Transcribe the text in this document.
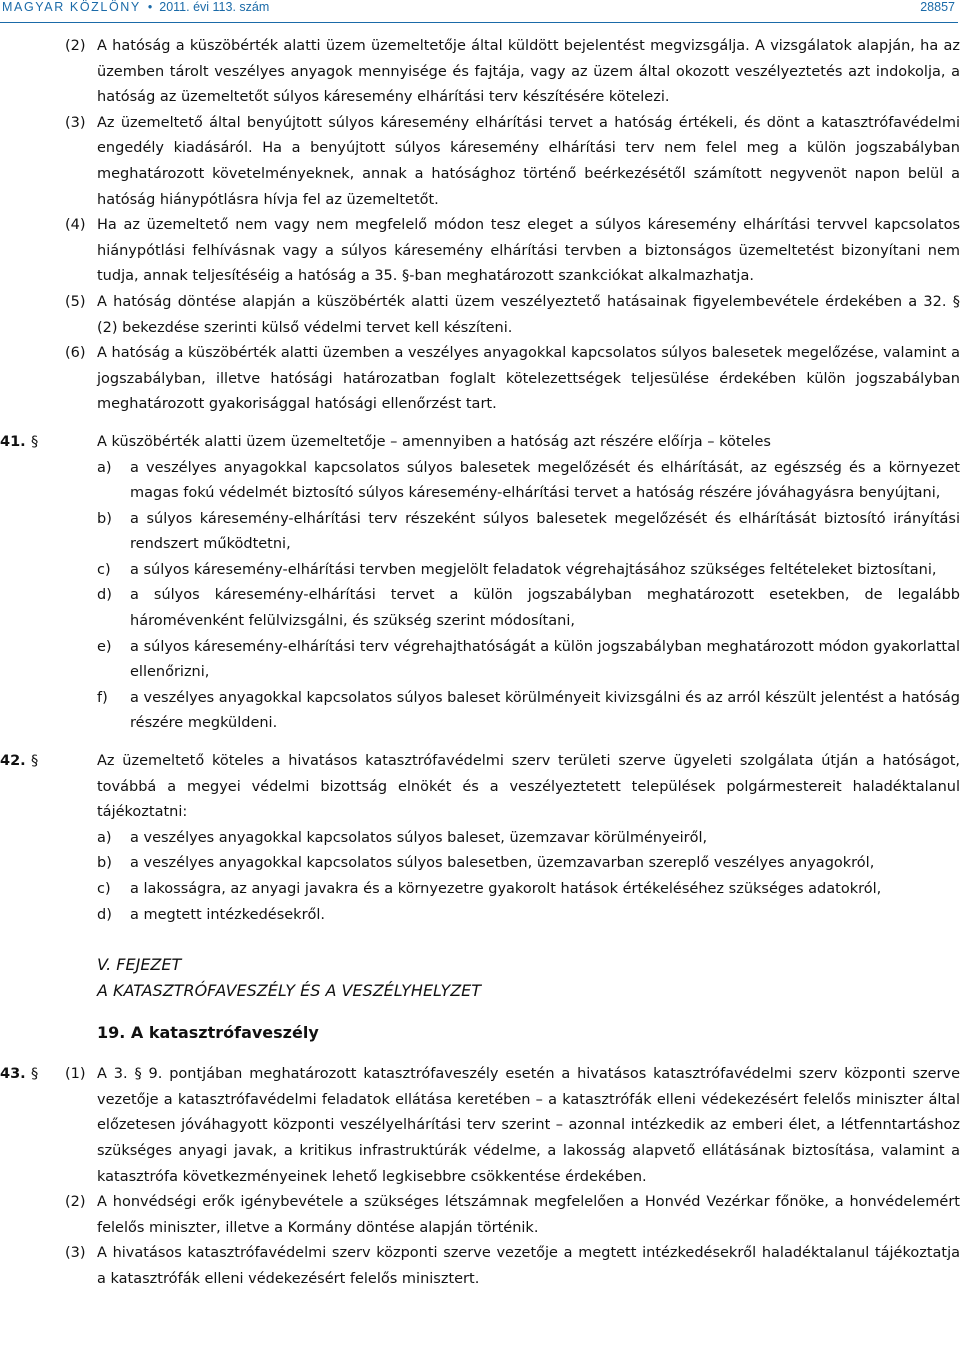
MAGYAR KÖZLÖNY • 2011. évi 113. szám	28857

(2) A hatóság a küszöbérték alatti üzem üzemeltetője által küldött bejelentést megvizsgálja. A vizsgálatok alapján, ha az üzemben tárolt veszélyes anyagok mennyisége és fajtája, vagy az üzem által okozott veszélyeztetés azt indokolja, a hatóság az üzemeltetőt súlyos káresemény elhárítási terv készítésére kötelezi.

(3) Az üzemeltető által benyújtott súlyos káresemény elhárítási tervet a hatóság értékeli, és dönt a katasztrófavédelmi engedély kiadásáról. Ha a benyújtott súlyos káresemény elhárítási terv nem felel meg a külön jogszabályban meghatározott követelményeknek, annak a hatósághoz történő beérkezésétől számított negyvenöt napon belül a hatóság hiánypótlásra hívja fel az üzemeltetőt.

(4) Ha az üzemeltető nem vagy nem megfelelő módon tesz eleget a súlyos káresemény elhárítási tervvel kapcsolatos hiánypótlási felhívásnak vagy a súlyos káresemény elhárítási tervben a biztonságos üzemeltetést bizonyítani nem tudja, annak teljesítéséig a hatóság a 35. §-ban meghatározott szankciókat alkalmazhatja.

(5) A hatóság döntése alapján a küszöbérték alatti üzem veszélyeztető hatásainak figyelembevétele érdekében a 32. § (2) bekezdése szerinti külső védelmi tervet kell készíteni.

(6) A hatóság a küszöbérték alatti üzemben a veszélyes anyagokkal kapcsolatos súlyos balesetek megelőzése, valamint a jogszabályban, illetve hatósági határozatban foglalt kötelezettségek teljesülése érdekében külön jogszabályban meghatározott gyakorisággal hatósági ellenőrzést tart.

41. §	A küszöbérték alatti üzem üzemeltetője – amennyiben a hatóság azt részére előírja – köteles

a) a veszélyes anyagokkal kapcsolatos súlyos balesetek megelőzését és elhárítását, az egészség és a környezet magas fokú védelmét biztosító súlyos káresemény-elhárítási tervet a hatóság részére jóváhagyásra benyújtani,

b) a súlyos káresemény-elhárítási terv részeként súlyos balesetek megelőzését és elhárítását biztosító irányítási rendszert működtetni,

c) a súlyos káresemény-elhárítási tervben megjelölt feladatok végrehajtásához szükséges feltételeket biztosítani,

d) a súlyos káresemény-elhárítási tervet a külön jogszabályban meghatározott esetekben, de legalább háromévenként felülvizsgálni, és szükség szerint módosítani,

e) a súlyos káresemény-elhárítási terv végrehajthatóságát a külön jogszabályban meghatározott módon gyakorlattal ellenőrizni,

f) a veszélyes anyagokkal kapcsolatos súlyos baleset körülményeit kivizsgálni és az arról készült jelentést a hatóság részére megküldeni.

42. §	Az üzemeltető köteles a hivatásos katasztrófavédelmi szerv területi szerve ügyeleti szolgálata útján a hatóságot, továbbá a megyei védelmi bizottság elnökét és a veszélyeztetett települések polgármestereit haladéktalanul tájékoztatni:

a) a veszélyes anyagokkal kapcsolatos súlyos baleset, üzemzavar körülményeiről,

b) a veszélyes anyagokkal kapcsolatos súlyos balesetben, üzemzavarban szereplő veszélyes anyagokról,

c) a lakosságra, az anyagi javakra és a környezetre gyakorolt hatások értékeléséhez szükséges adatokról,

d) a megtett intézkedésekről.

V. FEJEZET

A KATASZTRÓFAVESZÉLY ÉS A VESZÉLYHELYZET

19. A katasztrófaveszély

43. § (1) A 3. § 9. pontjában meghatározott katasztrófaveszély esetén a hivatásos katasztrófavédelmi szerv központi szerve vezetője a katasztrófavédelmi feladatok ellátása keretében – a katasztrófák elleni védekezésért felelős miniszter által előzetesen jóváhagyott központi veszélyelhárítási terv szerint – azonnal intézkedik az emberi élet, a létfenntartáshoz szükséges anyagi javak, a kritikus infrastruktúrák védelme, a lakosság alapvető ellátásának biztosítása, valamint a katasztrófa következményeinek lehető legkisebbre csökkentése érdekében.

(2) A honvédségi erők igénybevétele a szükséges létszámnak megfelelően a Honvéd Vezérkar főnöke, a honvédelemért felelős miniszter, illetve a Kormány döntése alapján történik.

(3) A hivatásos katasztrófavédelmi szerv központi szerve vezetője a megtett intézkedésekről haladéktalanul tájékoztatja a katasztrófák elleni védekezésért felelős minisztert.
